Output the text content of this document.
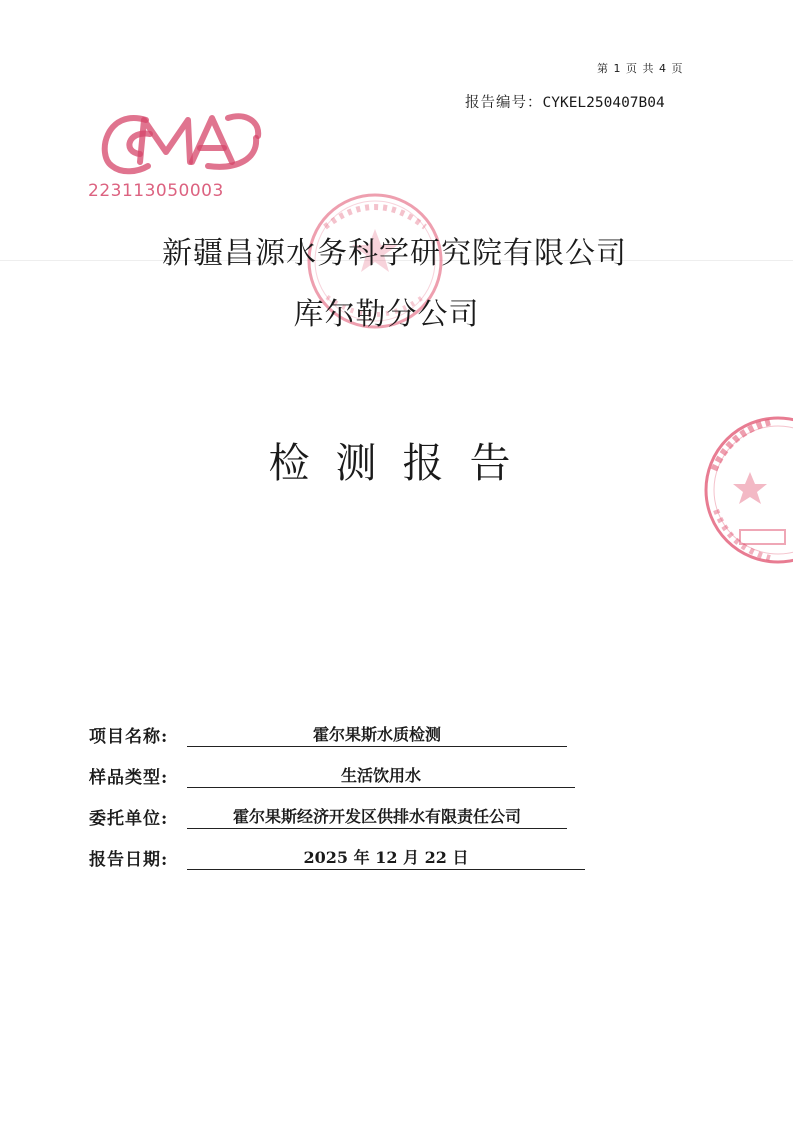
第 1 页 共 4 页
报告编号：CYKEL250407B04
223113050003
新疆昌源水务科学研究院有限公司
库尔勒分公司
检测报告
项目名称:	霍尔果斯水质检测
样品类型:	生活饮用水
委托单位:	霍尔果斯经济开发区供排水有限责任公司
报告日期:	2025 年 12 月 22 日
